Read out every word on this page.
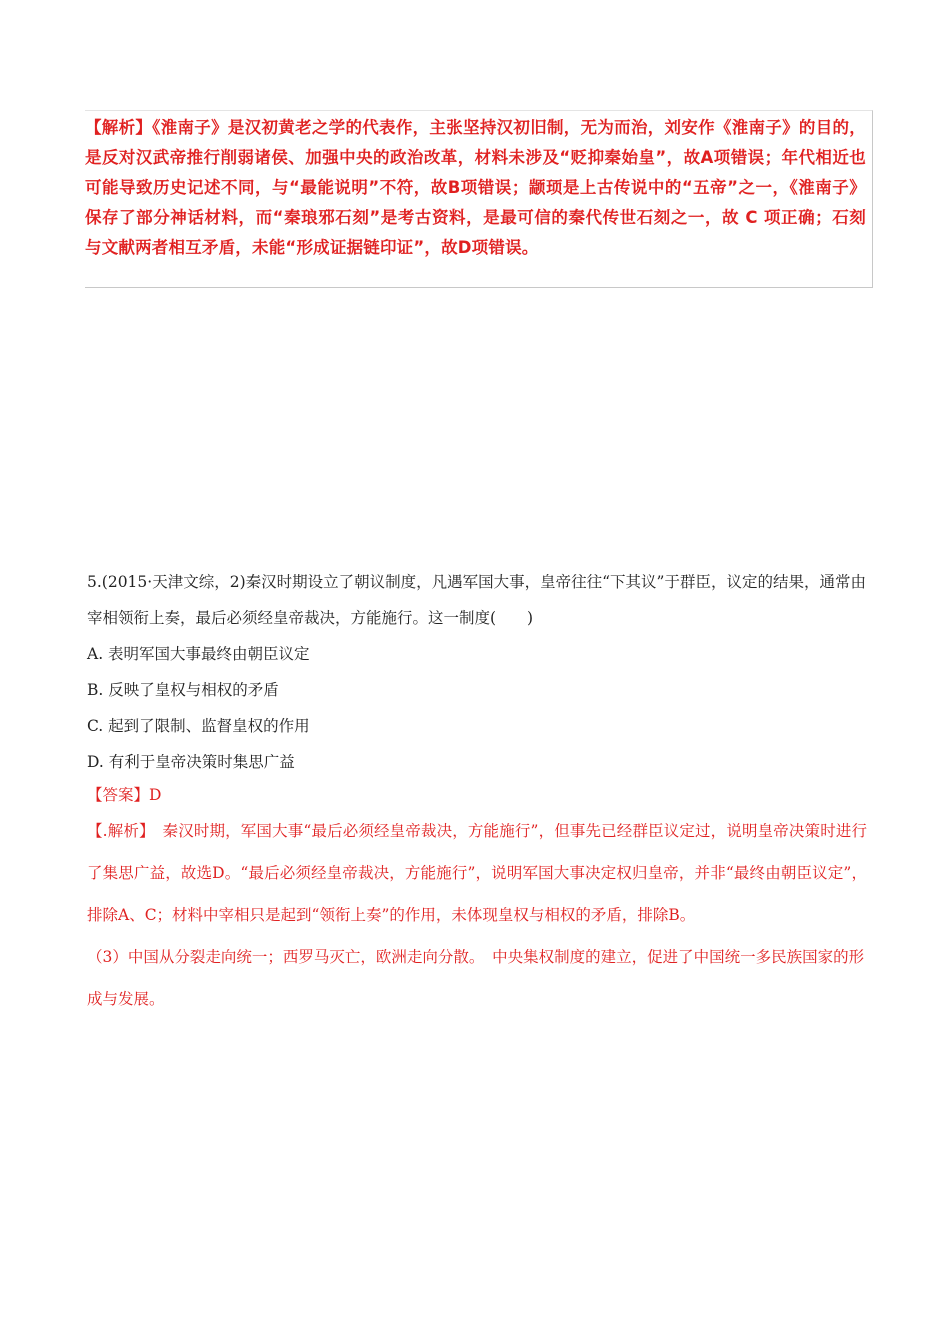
【解析】《淮南子》是汉初黄老之学的代表作，主张坚持汉初旧制，无为而治，刘安作《淮南子》的目的，是反对汉武帝推行削弱诸侯、加强中央的政治改革，材料未涉及“贬抑秦始皇”，故A项错误；年代相近也可能导致历史记述不同，与“最能说明”不符，故B项错误；颛顼是上古传说中的“五帝”之一，《淮南子》保存了部分神话材料，而“秦琅邪石刻”是考古资料，是最可信的秦代传世石刻之一，故 C 项正确；石刻与文献两者相互矛盾，未能“形成证据链印证”，故D项错误。

5.(2015·天津文综，2)秦汉时期设立了朝议制度，凡遇军国大事，皇帝往往“下其议”于群臣，议定的结果，通常由宰相领衔上奏，最后必须经皇帝裁决，方能施行。这一制度(　　)

A. 表明军国大事最终由朝臣议定

B. 反映了皇权与相权的矛盾

C. 起到了限制、监督皇权的作用

D. 有利于皇帝决策时集思广益

【答案】D

【.解析】　秦汉时期，军国大事“最后必须经皇帝裁决，方能施行”，但事先已经群臣议定过，说明皇帝决策时进行了集思广益，故选D。“最后必须经皇帝裁决，方能施行”，说明军国大事决定权归皇帝，并非“最终由朝臣议定”，排除A、C；材料中宰相只是起到“领衔上奏”的作用，未体现皇权与相权的矛盾，排除B。

（3）中国从分裂走向统一；西罗马灭亡，欧洲走向分散。　中央集权制度的建立，促进了中国统一多民族国家的形成与发展。
